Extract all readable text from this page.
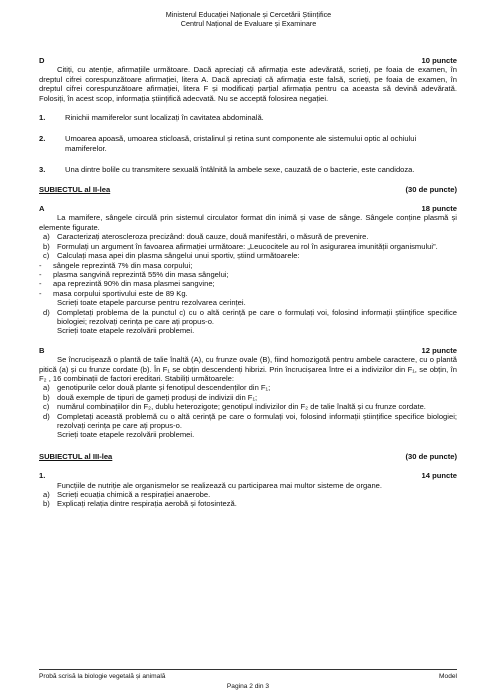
Ministerul Educației Naționale și Cercetării Științifice
Centrul Național de Evaluare și Examinare
D	10 puncte

Citiți, cu atenție, afirmațiile următoare. Dacă apreciați că afirmația este adevărată, scrieți, pe foaia de examen, în dreptul cifrei corespunzătoare afirmației, litera A. Dacă apreciați că afirmația este falsă, scrieți, pe foaia de examen, în dreptul cifrei corespunzătoare afirmației, litera F și modificați parțial afirmația pentru ca aceasta să devină adevărată. Folosiți, în acest scop, informația științifică adecvată. Nu se acceptă folosirea negației.

1.	Rinichii mamiferelor sunt localizați în cavitatea abdominală.
2.	Umoarea apoasă, umoarea sticloasă, cristalinul și retina sunt componente ale sistemului optic al ochiului mamiferelor.
3.	Una dintre bolile cu transmitere sexuală întâlnită la ambele sexe, cauzată de o bacterie, este candidoza.
SUBIECTUL al II-lea	(30 de puncte)
A	18 puncte

La mamifere, sângele circulă prin sistemul circulator format din inimă și vase de sânge. Sângele conține plasmă și elemente figurate.

a) Caracterizați ateroscleroza precizând: două cauze, două manifestări, o măsură de prevenire.
b) Formulați un argument în favoarea afirmației următoare: „Leucocitele au rol în asigurarea imunității organismului”.
c)	Calculați masa apei din plasma sângelui unui sportiv, știind următoarele:
-	sângele reprezintă 7% din masa corpului;
-	plasma sangvină reprezintă 55% din masa sângelui;
-	apa reprezintă 90% din masa plasmei sangvine;
-	masa corpului sportivului este de 89 Kg.

Scrieți toate etapele parcurse pentru rezolvarea cerinței.

d) Completați problema de la punctul c) cu o altă cerință pe care o formulați voi, folosind informații științifice specifice biologiei; rezolvați cerința pe care ați propus-o.

Scrieți toate etapele rezolvării problemei.

B	12 puncte

Se încrucișează o plantă de talie înaltă (A), cu frunze ovale (B), fiind homozigotă pentru ambele caractere, cu o plantă pitică (a) și cu frunze cordate (b). În F₁ se obțin descendenți hibrizi. Prin încrucișarea între ei a indivizilor din F₁, se obțin, în F₂ , 16 combinații de factori ereditari. Stabiliți următoarele:

a) genotipurile celor două plante și fenotipul descendenților din F₁;
b) două exemple de tipuri de gameți produși de indivizii din F₁;
c)	numărul combinațiilor din F₂, dublu heterozigote; genotipul indivizilor din F₂ de talie înaltă și cu frunze cordate.
d) Completați această problemă cu o altă cerință pe care o formulați voi, folosind informații științifice specifice biologiei; rezolvați cerința pe care ați propus-o.

Scrieți toate etapele rezolvării problemei.

SUBIECTUL al III-lea	(30 de puncte)
1.	14 puncte

Funcțiile de nutriție ale organismelor se realizează cu participarea mai multor sisteme de organe.

a) Scrieți ecuația chimică a respirației anaerobe.
b) Explicați relația dintre respirația aerobă și fotosinteză.
Probă scrisă la biologie vegetală și animală	Model
Pagina 2 din 3
